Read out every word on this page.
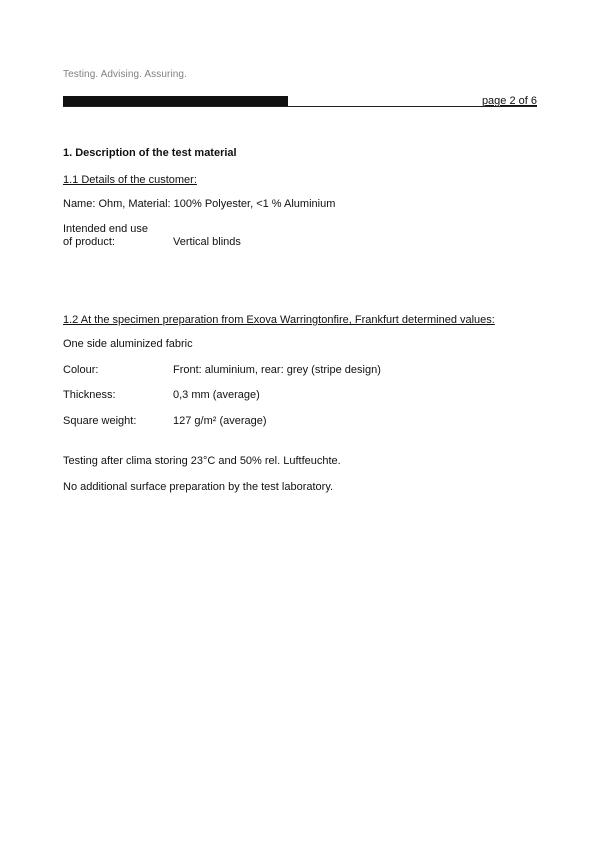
Testing. Advising. Assuring.
page 2 of 6
1. Description of the test material
1.1 Details of the customer:
Name: Ohm, Material: 100% Polyester, <1 % Aluminium
Intended end use
of product:	Vertical blinds
1.2 At the specimen preparation from Exova Warringtonfire, Frankfurt determined values:
One side aluminized fabric
Colour:	Front: aluminium, rear: grey (stripe design)
Thickness:	0,3 mm (average)
Square weight:	127 g/m² (average)
Testing after clima storing 23°C and 50% rel. Luftfeuchte.
No additional surface preparation by the test laboratory.
